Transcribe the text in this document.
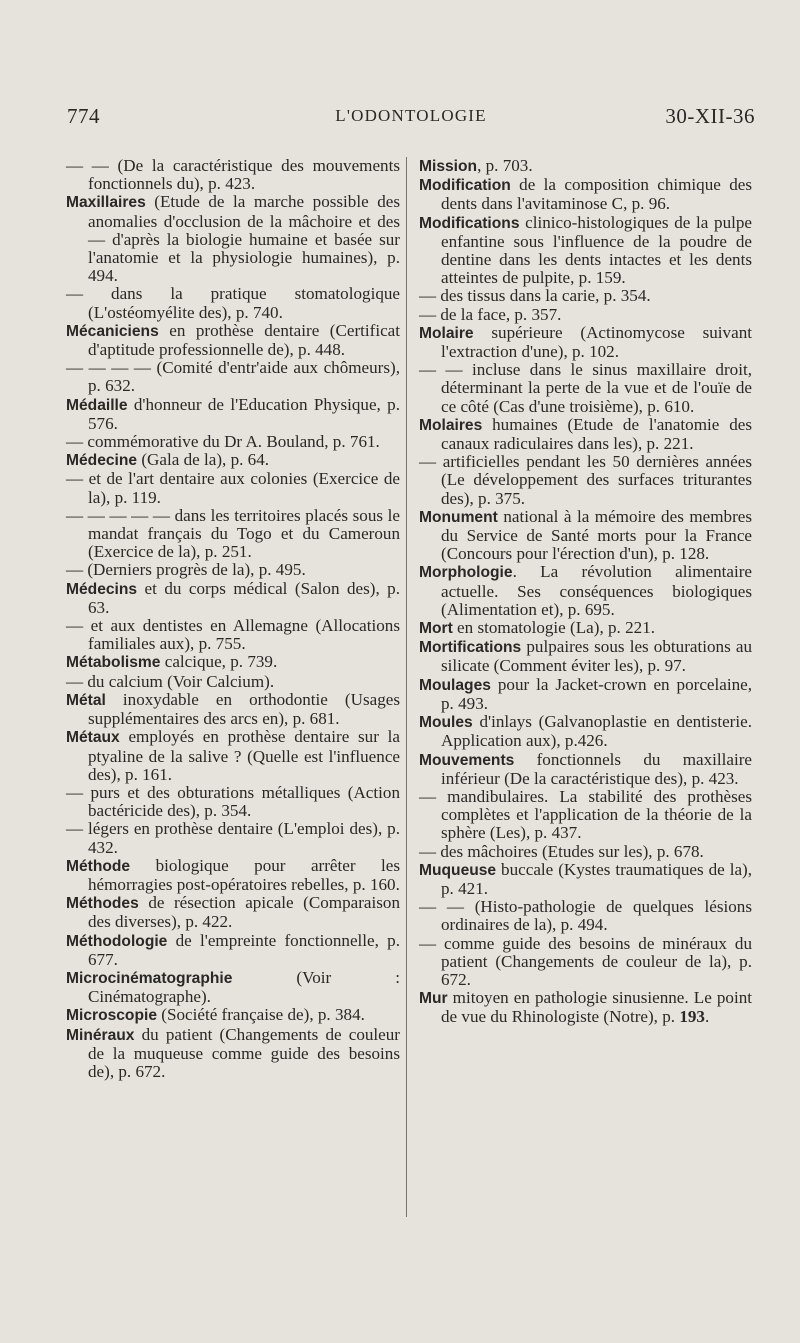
774	L'ODONTOLOGIE	30-XII-36

— — (De la caractéristique des mouvements fonctionnels du), p. 423.

Maxillaires (Etude de la marche possible des anomalies d'occlusion de la mâchoire et des — d'après la biologie humaine et basée sur l'anatomie et la physiologie humaines), p. 494.

— dans la pratique stomatologique (L'ostéomyélite des), p. 740.

Mécaniciens en prothèse dentaire (Certificat d'aptitude professionnelle de), p. 448.

— — — — (Comité d'entr'aide aux chômeurs), p. 632.

Médaille d'honneur de l'Education Physique, p. 576.

— commémorative du Dr A. Bouland, p. 761.

Médecine (Gala de la), p. 64.

— et de l'art dentaire aux colonies (Exercice de la), p. 119.

— — — — — dans les territoires placés sous le mandat français du Togo et du Cameroun (Exercice de la), p. 251.

— (Derniers progrès de la), p. 495.

Médecins et du corps médical (Salon des), p. 63.

— et aux dentistes en Allemagne (Allocations familiales aux), p. 755.

Métabolisme calcique, p. 739.

— du calcium (Voir Calcium).

Métal inoxydable en orthodontie (Usages supplémentaires des arcs en), p. 681.

Métaux employés en prothèse dentaire sur la ptyaline de la salive ? (Quelle est l'influence des), p. 161.

— purs et des obturations métalliques (Action bactéricide des), p. 354.

— légers en prothèse dentaire (L'emploi des), p. 432.

Méthode biologique pour arrêter les hémorragies post-opératoires rebelles, p. 160.

Méthodes de résection apicale (Comparaison des diverses), p. 422.

Méthodologie de l'empreinte fonctionnelle, p. 677.

Microcinématographie (Voir : Cinématographe).

Microscopie (Société française de), p. 384.

Minéraux du patient (Changements de couleur de la muqueuse comme guide des besoins de), p. 672.

Mission, p. 703.

Modification de la composition chimique des dents dans l'avitaminose C, p. 96.

Modifications clinico-histologiques de la pulpe enfantine sous l'influence de la poudre de dentine dans les dents intactes et les dents atteintes de pulpite, p. 159.

— des tissus dans la carie, p. 354.

— de la face, p. 357.

Molaire supérieure (Actinomycose suivant l'extraction d'une), p. 102.

— — incluse dans le sinus maxillaire droit, déterminant la perte de la vue et de l'ouïe de ce côté (Cas d'une troisième), p. 610.

Molaires humaines (Etude de l'anatomie des canaux radiculaires dans les), p. 221.

— artificielles pendant les 50 dernières années (Le développement des surfaces triturantes des), p. 375.

Monument national à la mémoire des membres du Service de Santé morts pour la France (Concours pour l'érection d'un), p. 128.

Morphologie. La révolution alimentaire actuelle. Ses conséquences biologiques (Alimentation et), p. 695.

Mort en stomatologie (La), p. 221.

Mortifications pulpaires sous les obturations au silicate (Comment éviter les), p. 97.

Moulages pour la Jacket-crown en porcelaine, p. 493.

Moules d'inlays (Galvanoplastie en dentisterie. Application aux), p.426.

Mouvements fonctionnels du maxillaire inférieur (De la caractéristique des), p. 423.

— mandibulaires. La stabilité des prothèses complètes et l'application de la théorie de la sphère (Les), p. 437.

— des mâchoires (Etudes sur les), p. 678.

Muqueuse buccale (Kystes traumatiques de la), p. 421.

— — (Histo-pathologie de quelques lésions ordinaires de la), p. 494.

— comme guide des besoins de minéraux du patient (Changements de couleur de la), p. 672.

Mur mitoyen en pathologie sinusienne. Le point de vue du Rhinologiste (Notre), p. 193.
